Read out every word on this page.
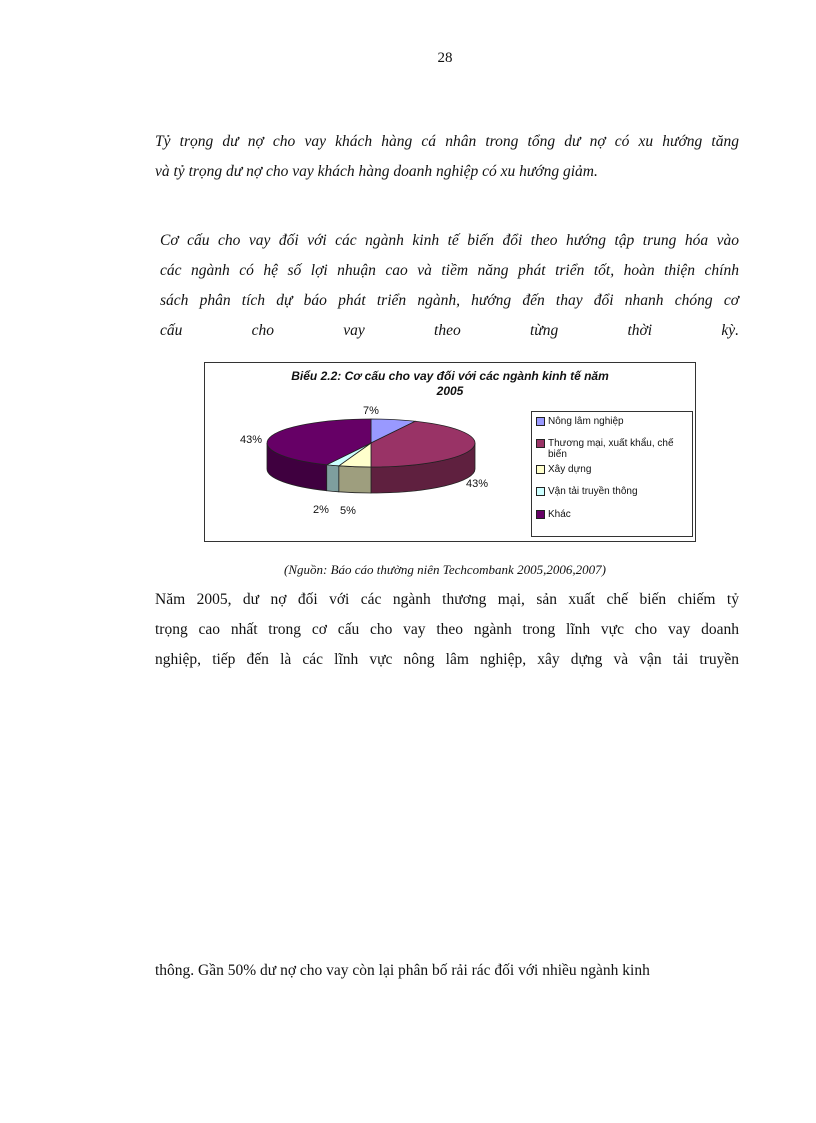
28
Tỷ trọng dư nợ cho vay khách hàng cá nhân trong tổng dư nợ có xu hướng tăng
và tỷ trọng dư nợ cho vay khách hàng doanh nghiệp có xu hướng giảm.
Cơ cấu cho vay đối với các ngành kinh tế biến đổi theo hướng tập trung hóa vào
các ngành có hệ số lợi nhuận cao và tiềm năng phát triển tốt, hoàn thiện chính
sách phân tích dự báo phát triển ngành, hướng đến thay đổi nhanh chóng cơ
cấu cho vay theo từng thời kỳ.
Biểu 2.2: Cơ cấu cho vay đối với các ngành kinh tế năm
2005
7%
43%
5%
2%
43%
Nông lâm nghiệp
Thương mại, xuất khẩu, chế biến
Xây dựng
Vận tải truyền thông
Khác
(Nguồn: Báo cáo thường niên Techcombank 2005,2006,2007)
Năm 2005, dư nợ đối với các ngành thương mại, sản xuất chế biến chiếm tỷ
trọng cao nhất trong cơ cấu cho vay theo ngành trong lĩnh vực cho vay doanh
nghiệp, tiếp đến là các lĩnh vực nông lâm nghiệp, xây dựng và vận tải truyền
thông. Gần 50% dư nợ cho vay còn lại phân bố rải rác đối với nhiều ngành kinh
